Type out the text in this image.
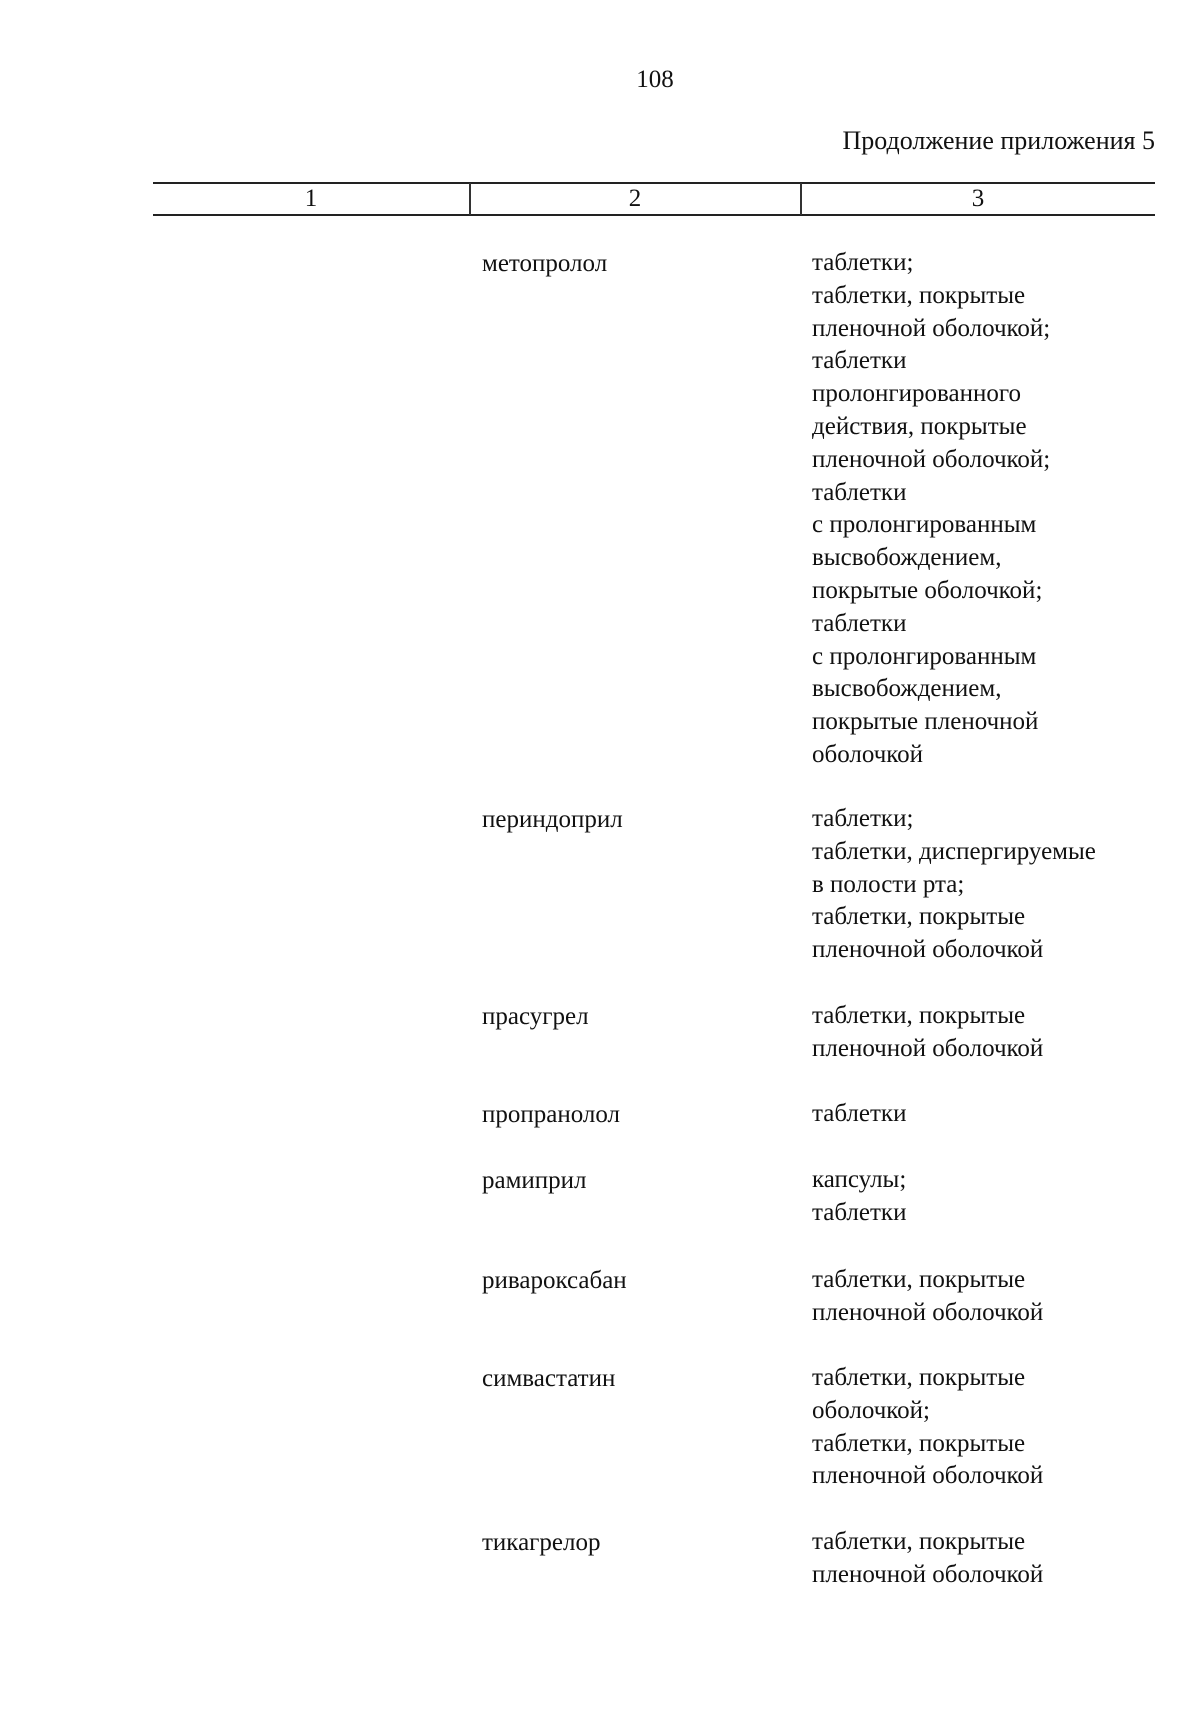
108
Продолжение приложения 5
1	2	3
метопролол	таблетки;
таблетки, покрытые
пленочной оболочкой;
таблетки
пролонгированного
действия, покрытые
пленочной оболочкой;
таблетки
с пролонгированным
высвобождением,
покрытые оболочкой;
таблетки
с пролонгированным
высвобождением,
покрытые пленочной
оболочкой
периндоприл	таблетки;
таблетки, диспергируемые
в полости рта;
таблетки, покрытые
пленочной оболочкой
прасугрел	таблетки, покрытые
пленочной оболочкой
пропранолол	таблетки
рамиприл	капсулы;
таблетки
ривароксабан	таблетки, покрытые
пленочной оболочкой
симвастатин	таблетки, покрытые
оболочкой;
таблетки, покрытые
пленочной оболочкой
тикагрелор	таблетки, покрытые
пленочной оболочкой
